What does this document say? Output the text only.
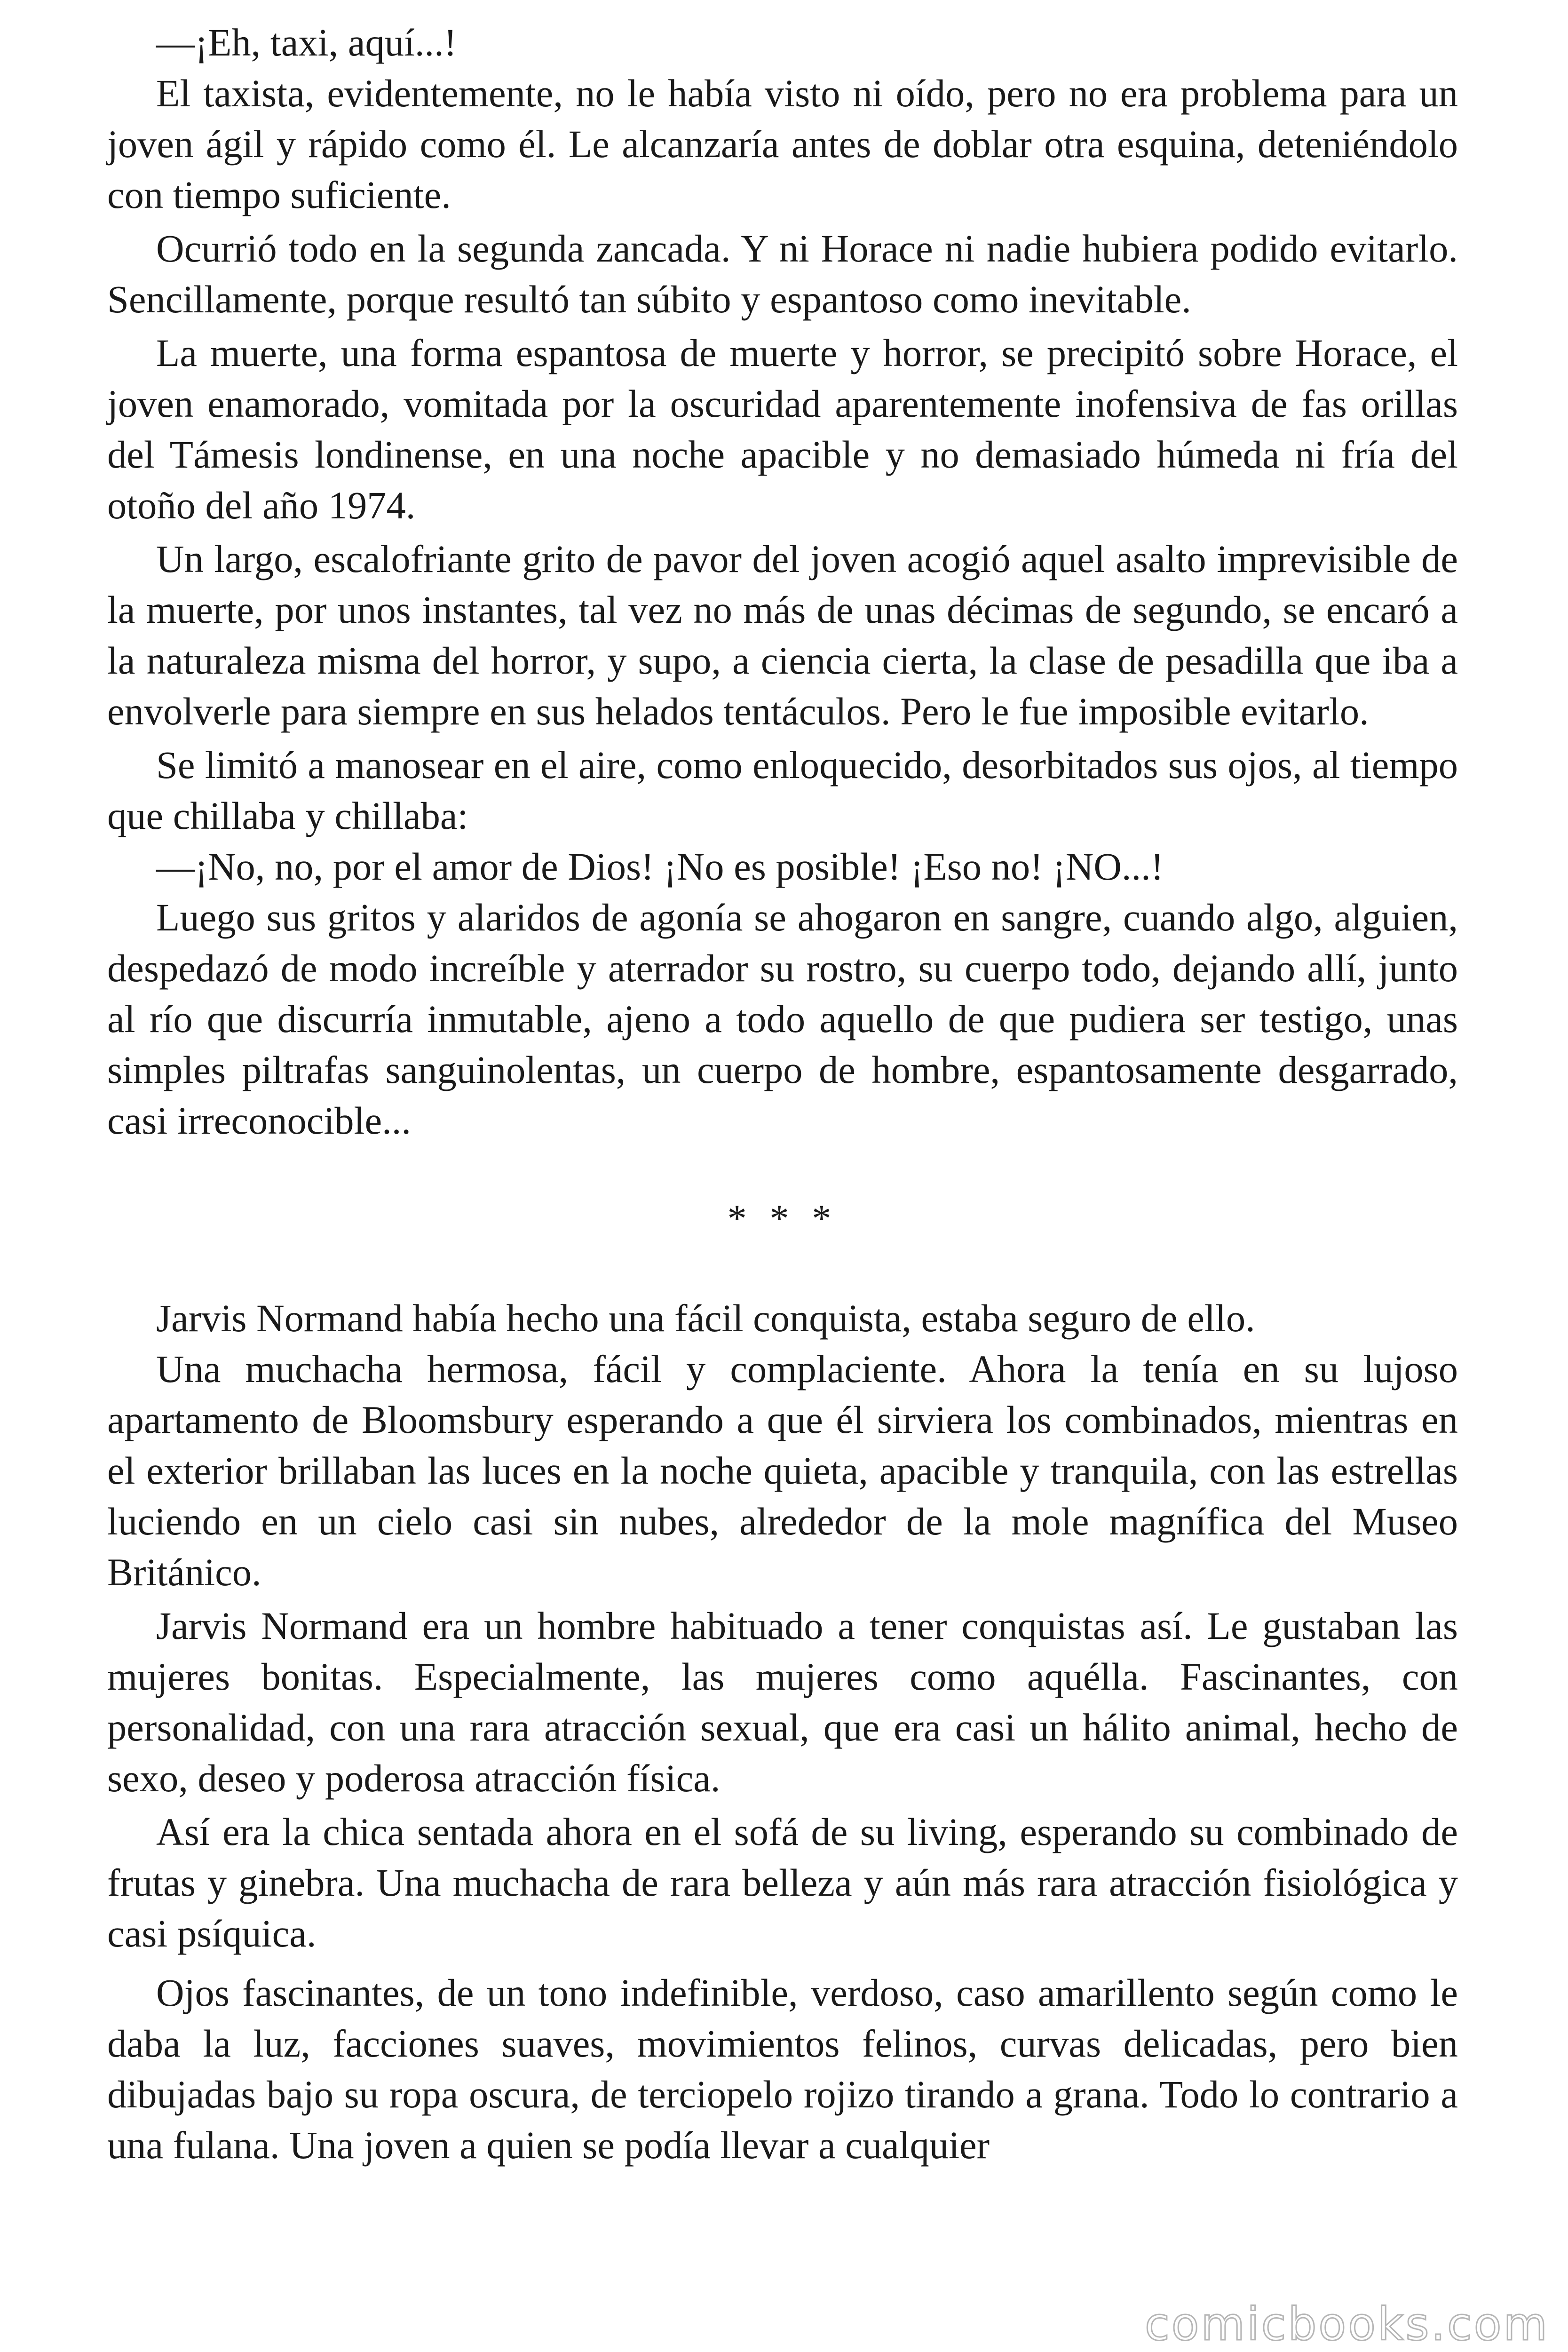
—¡Eh, taxi, aquí...!

El taxista, evidentemente, no le había visto ni oído, pero no era problema para un joven ágil y rápido como él. Le alcanzaría antes de doblar otra esquina, deteniéndolo con tiempo suficiente.

Ocurrió todo en la segunda zancada. Y ni Horace ni nadie hubiera podido evitarlo. Sencillamente, porque resultó tan súbito y espantoso como inevitable.

La muerte, una forma espantosa de muerte y horror, se precipitó sobre Horace, el joven enamorado, vomitada por la oscuridad aparentemente inofensiva de fas orillas del Támesis londinense, en una noche apacible y no demasiado húmeda ni fría del otoño del año 1974.

Un largo, escalofriante grito de pavor del joven acogió aquel asalto imprevisible de la muerte, por unos instantes, tal vez no más de unas décimas de segundo, se encaró a la naturaleza misma del horror, y supo, a ciencia cierta, la clase de pesadilla que iba a envolverle para siempre en sus helados tentáculos. Pero le fue imposible evitarlo.

Se limitó a manosear en el aire, como enloquecido, desorbitados sus ojos, al tiempo que chillaba y chillaba:

—¡No, no, por el amor de Dios! ¡No es posible! ¡Eso no! ¡NO...!

Luego sus gritos y alaridos de agonía se ahogaron en sangre, cuando algo, alguien, despedazó de modo increíble y aterrador su rostro, su cuerpo todo, dejando allí, junto al río que discurría inmutable, ajeno a todo aquello de que pudiera ser testigo, unas simples piltrafas sanguinolentas, un cuerpo de hombre, espantosamente desgarrado, casi irreconocible...

* * *

Jarvis Normand había hecho una fácil conquista, estaba seguro de ello.

Una muchacha hermosa, fácil y complaciente. Ahora la tenía en su lujoso apartamento de Bloomsbury esperando a que él sirviera los combinados, mientras en el exterior brillaban las luces en la noche quieta, apacible y tranquila, con las estrellas luciendo en un cielo casi sin nubes, alrededor de la mole magnífica del Museo Británico.

Jarvis Normand era un hombre habituado a tener conquistas así. Le gustaban las mujeres bonitas. Especialmente, las mujeres como aquélla. Fascinantes, con personalidad, con una rara atracción sexual, que era casi un hálito animal, hecho de sexo, deseo y poderosa atracción física.

Así era la chica sentada ahora en el sofá de su living, esperando su combinado de frutas y ginebra. Una muchacha de rara belleza y aún más rara atracción fisiológica y casi psíquica.

Ojos fascinantes, de un tono indefinible, verdoso, caso amarillento según como le daba la luz, facciones suaves, movimientos felinos, curvas delicadas, pero bien dibujadas bajo su ropa oscura, de terciopelo rojizo tirando a grana. Todo lo contrario a una fulana. Una joven a quien se podía llevar a cualquier

comicbooks.com
